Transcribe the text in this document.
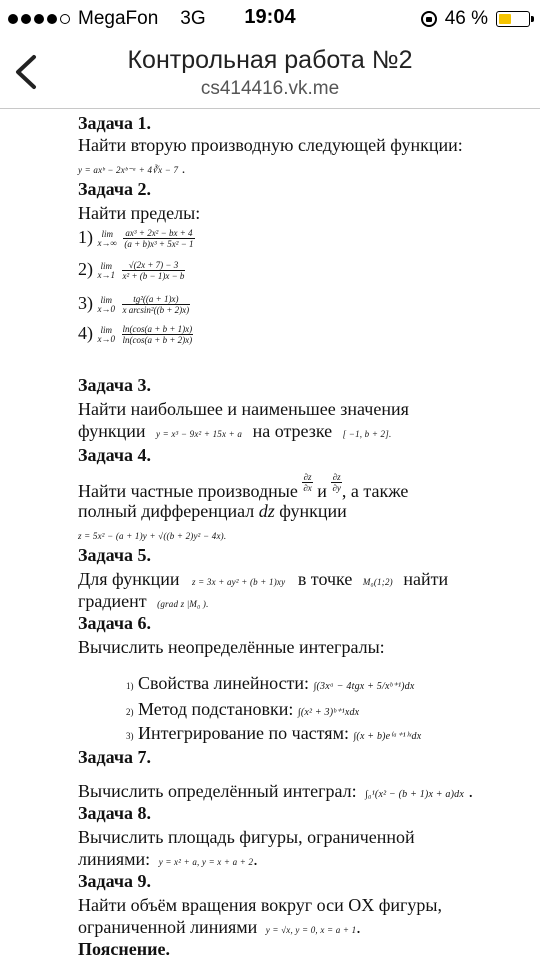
MegaFon 3G	19:04	46 %
Контрольная работа №2
cs414416.vk.me
Задача 1.
Найти вторую производную следующей функции:
y = axᵇ − 2xᵇ⁻ᵃ + 4∛x − 7 .
Задача 2.
Найти пределы:
1) lim
$x\to\infty \frac{\text{ax³ + 2x² − bx + 4}}{\text{(a + b)x³ + 5x² − 1}}$
2) lim
$x\to 1 \frac{√(2x + 7) - 3}{\text{x² + (b − 1)x − b}}$
3) lim
$x\to 0 \frac{\text{tg²((a + 1)x)}}{\text{x arcsin²((b + 2)x)}}$
4) lim
$x\to 0 \frac{\ln(\cos(a + b + 1)x)}{\ln(\cos(a + b + 2)x)}$
Задача 3.
Найти наибольшее и наименьшее значения
функции y = x³ − 9x² + 15x + a на отрезке [ −1, b + 2].
Задача 4.
Найти частные производные $\frac{\partial z}{\partial x}$ и $\frac{\partial z}{\partial y}$ , а также
полный дифференциал dz функции
z = 5x² − (a + 1)y + √((b + 2)y² − 4x).
Задача 5.
Для функции z = 3x + ay² + (b + 1)xy в точке M₀(1;2) найти
градиент (grad z |M₀ ).
Задача 6.
Вычислить неопределённые интегралы:
1) Свойства линейности: ∫(3xᵃ − 4tgx + 5/xᵇ⁺¹)dx
2) Метод подстановки: ∫(x² + 3)ᵇ⁺¹xdx
3) Интегрирование по частям: ∫(x + b)e⁽ᵃ⁺¹⁾ˣdx
Задача 7.
Вычислить определённый интеграл: ∫₀¹(x² − (b + 1)x + a)dx .
Задача 8.
Вычислить площадь фигуры, ограниченной
линиями: y = x² + a, y = x + a + 2.
Задача 9.
Найти объём вращения вокруг оси OX фигуры,
ограниченной линиями y = √x, y = 0, x = a + 1.
Пояснение.
